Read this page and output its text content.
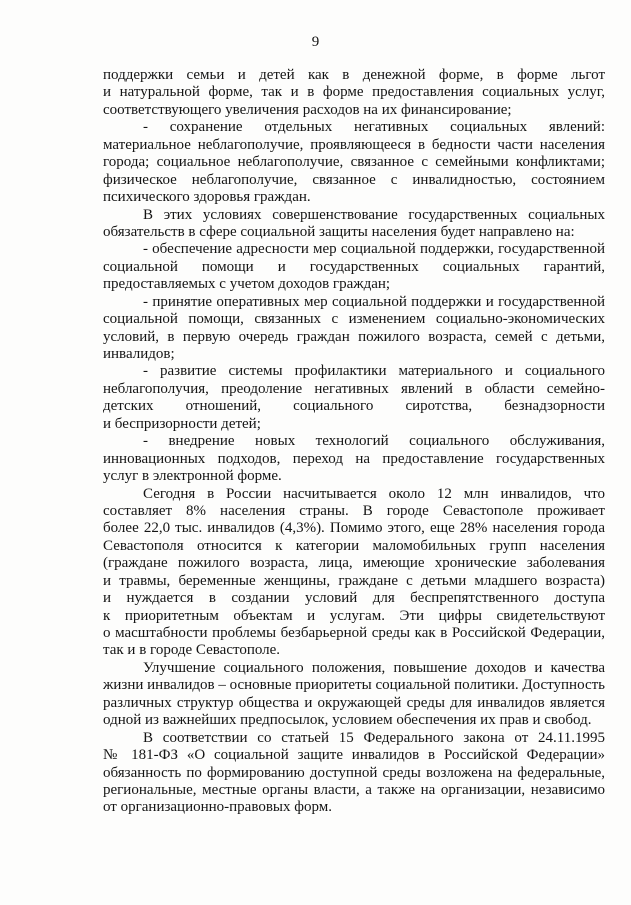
9
поддержки семьи и детей как в денежной форме, в форме льгот
и натуральной форме, так и в форме предоставления социальных услуг,
соответствующего увеличения расходов на их финансирование;
- сохранение отдельных негативных социальных явлений:
материальное неблагополучие, проявляющееся в бедности части населения
города; социальное неблагополучие, связанное с семейными конфликтами;
физическое неблагополучие, связанное с инвалидностью, состоянием
психического здоровья граждан.
В этих условиях совершенствование государственных социальных
обязательств в сфере социальной защиты населения будет направлено на:
- обеспечение адресности мер социальной поддержки, государственной
социальной помощи и государственных социальных гарантий,
предоставляемых с учетом доходов граждан;
- принятие оперативных мер социальной поддержки и государственной
социальной помощи, связанных с изменением социально-экономических
условий, в первую очередь граждан пожилого возраста, семей с детьми,
инвалидов;
- развитие системы профилактики материального и социального
неблагополучия, преодоление негативных явлений в области семейно-
детских отношений, социального сиротства, безнадзорности
и беспризорности детей;
- внедрение новых технологий социального обслуживания,
инновационных подходов, переход на предоставление государственных
услуг в электронной форме.
Сегодня в России насчитывается около 12 млн инвалидов, что
составляет 8% населения страны. В городе Севастополе проживает
более 22,0 тыс. инвалидов (4,3%). Помимо этого, еще 28% населения города
Севастополя относится к категории маломобильных групп населения
(граждане пожилого возраста, лица, имеющие хронические заболевания
и травмы, беременные женщины, граждане с детьми младшего возраста)
и нуждается в создании условий для беспрепятственного доступа
к приоритетным объектам и услугам. Эти цифры свидетельствуют
о масштабности проблемы безбарьерной среды как в Российской Федерации,
так и в городе Севастополе.
Улучшение социального положения, повышение доходов и качества
жизни инвалидов – основные приоритеты социальной политики. Доступность
различных структур общества и окружающей среды для инвалидов является
одной из важнейших предпосылок, условием обеспечения их прав и свобод.
В соответствии со статьей 15 Федерального закона от 24.11.1995
№ 181-ФЗ «О социальной защите инвалидов в Российской Федерации»
обязанность по формированию доступной среды возложена на федеральные,
региональные, местные органы власти, а также на организации, независимо
от организационно-правовых форм.
